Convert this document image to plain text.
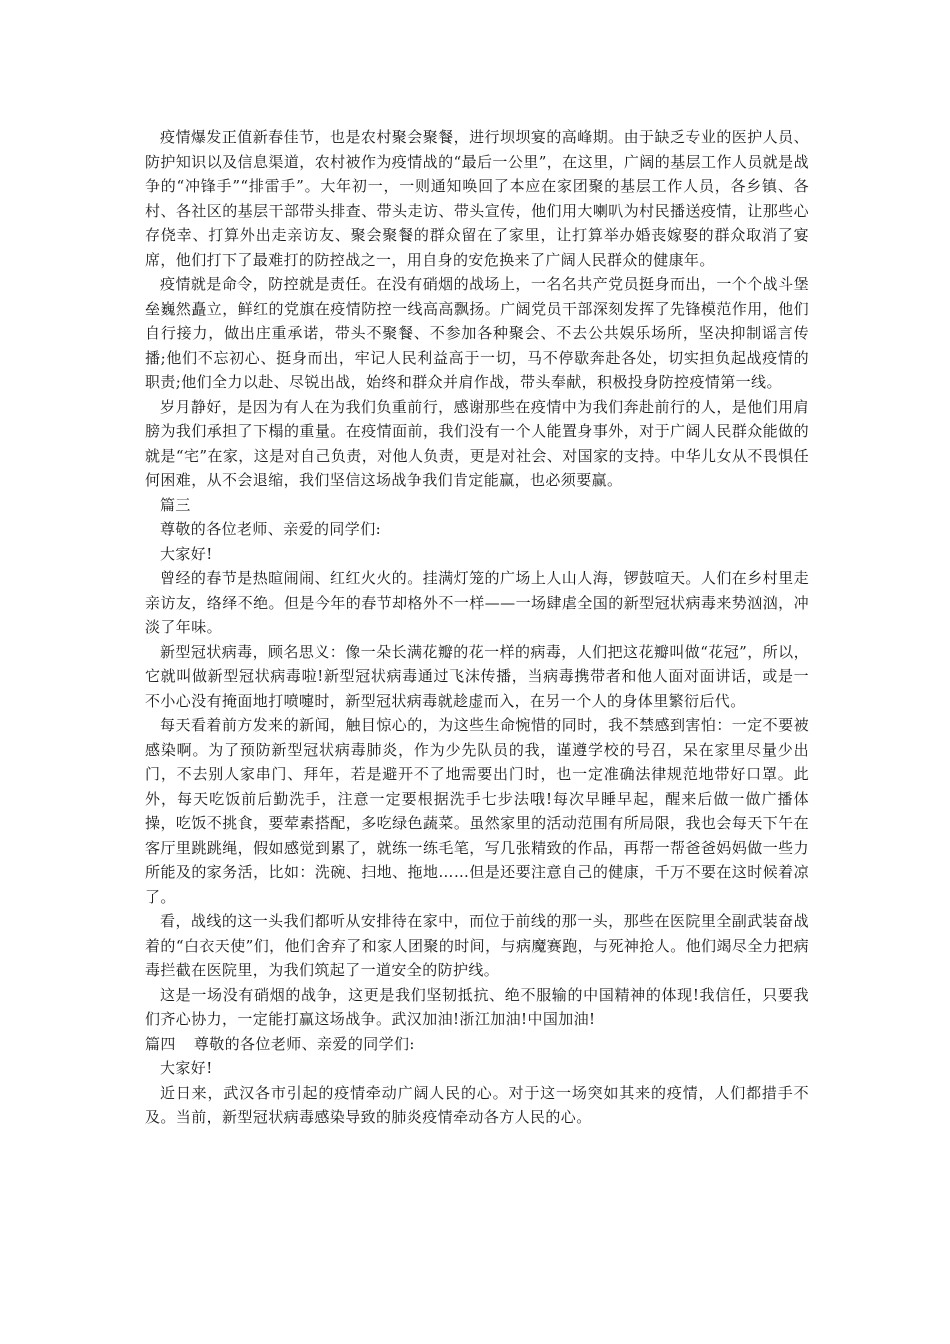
疫情爆发正值新春佳节，也是农村聚会聚餐，进行坝坝宴的高峰期。由于缺乏专业的医护人员、防护知识以及信息渠道，农村被作为疫情战的“最后一公里”，在这里，广阔的基层工作人员就是战争的“冲锋手”“排雷手”。大年初一，一则通知唤回了本应在家团聚的基层工作人员，各乡镇、各村、各社区的基层干部带头排查、带头走访、带头宣传，他们用大喇叭为村民播送疫情，让那些心存侥幸、打算外出走亲访友、聚会聚餐的群众留在了家里，让打算举办婚丧嫁娶的群众取消了宴席，他们打下了最难打的防控战之一，用自身的安危换来了广阔人民群众的健康年。

疫情就是命令，防控就是责任。在没有硝烟的战场上，一名名共产党员挺身而出，一个个战斗堡垒巍然矗立，鲜红的党旗在疫情防控一线高高飘扬。广阔党员干部深刻发挥了先锋模范作用，他们自行接力，做出庄重承诺，带头不聚餐、不参加各种聚会、不去公共娱乐场所，坚决抑制谣言传播;他们不忘初心、挺身而出，牢记人民利益高于一切，马不停歇奔赴各处，切实担负起战疫情的职责;他们全力以赴、尽锐出战，始终和群众并肩作战，带头奉献，积极投身防控疫情第一线。

岁月静好，是因为有人在为我们负重前行，感谢那些在疫情中为我们奔赴前行的人，是他们用肩膀为我们承担了下榻的重量。在疫情面前，我们没有一个人能置身事外，对于广阔人民群众能做的就是“宅”在家，这是对自己负责，对他人负责，更是对社会、对国家的支持。中华儿女从不畏惧任何困难，从不会退缩，我们坚信这场战争我们肯定能赢，也必须要赢。

篇三

尊敬的各位老师、亲爱的同学们:

大家好!

曾经的春节是热暄闹闹、红红火火的。挂满灯笼的广场上人山人海，锣鼓喧天。人们在乡村里走亲访友，络绎不绝。但是今年的春节却格外不一样——一场肆虐全国的新型冠状病毒来势汹汹，冲淡了年味。

新型冠状病毒，顾名思义：像一朵长满花瓣的花一样的病毒，人们把这花瓣叫做“花冠”，所以，它就叫做新型冠状病毒啦!新型冠状病毒通过飞沫传播，当病毒携带者和他人面对面讲话，或是一不小心没有掩面地打喷嚏时，新型冠状病毒就趁虚而入，在另一个人的身体里繁衍后代。

每天看着前方发来的新闻，触目惊心的，为这些生命惋惜的同时，我不禁感到害怕：一定不要被感染啊。为了预防新型冠状病毒肺炎，作为少先队员的我，谨遵学校的号召，呆在家里尽量少出门，不去别人家串门、拜年，若是避开不了地需要出门时，也一定准确法律规范地带好口罩。此外，每天吃饭前后勤洗手，注意一定要根据洗手七步法哦!每次早睡早起，醒来后做一做广播体操，吃饭不挑食，要荤素搭配，多吃绿色蔬菜。虽然家里的活动范围有所局限，我也会每天下午在客厅里跳跳绳，假如感觉到累了，就练一练毛笔，写几张精致的作品，再帮一帮爸爸妈妈做一些力所能及的家务活，比如：洗碗、扫地、拖地……但是还要注意自己的健康，千万不要在这时候着凉了。

看，战线的这一头我们都听从安排待在家中，而位于前线的那一头，那些在医院里全副武装奋战着的“白衣天使”们，他们舍弃了和家人团聚的时间，与病魔赛跑，与死神抢人。他们竭尽全力把病毒拦截在医院里，为我们筑起了一道安全的防护线。

这是一场没有硝烟的战争，这更是我们坚韧抵抗、绝不服输的中国精神的体现!我信任，只要我们齐心协力，一定能打赢这场战争。武汉加油!浙江加油!中国加油!

篇四 尊敬的各位老师、亲爱的同学们:

大家好!

近日来，武汉各市引起的疫情牵动广阔人民的心。对于这一场突如其来的疫情，人们都措手不及。当前，新型冠状病毒感染导致的肺炎疫情牵动各方人民的心。
